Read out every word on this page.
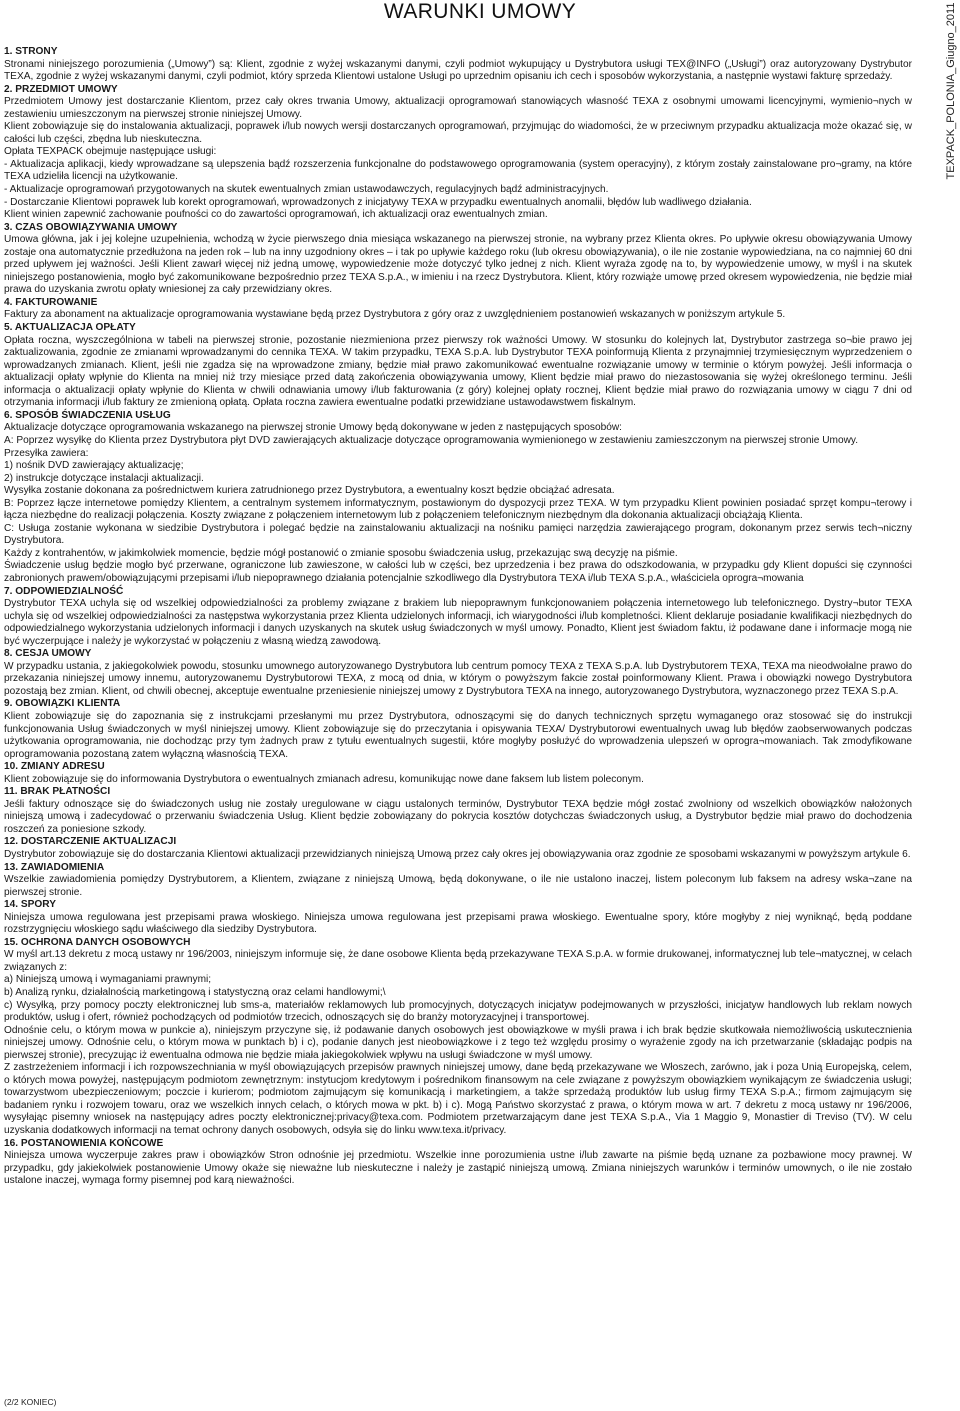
WARUNKI UMOWY	TEXPACK_POLONIA_Giugno_2011

1. STRONY

Stronami niniejszego porozumienia („Umowy”) są: Klient, zgodnie z wyżej wskazanymi danymi, czyli podmiot wykupujący u Dystrybutora usługi TEX@INFO („Usługi”) oraz autoryzowany Dystrybutor TEXA, zgodnie z wyżej wskazanymi danymi, czyli podmiot, który sprzeda Klientowi ustalone Usługi po uprzednim opisaniu ich cech i sposobów wykorzystania, a następnie wystawi fakturę sprzedaży.

2. PRZEDMIOT UMOWY

Przedmiotem Umowy jest dostarczanie Klientom, przez cały okres trwania Umowy, aktualizacji oprogramowań stanowiących własność TEXA z osobnymi umowami licencyjnymi, wymienio¬nych w zestawieniu umieszczonym na pierwszej stronie niniejszej Umowy.

Klient zobowiązuje się do instalowania aktualizacji, poprawek i/lub nowych wersji dostarczanych oprogramowań, przyjmując do wiadomości, że w przeciwnym przypadku aktualizacja może okazać się, w całości lub części, zbędna lub nieskuteczna.

Opłata TEXPACK obejmuje następujące usługi:

- Aktualizacja aplikacji, kiedy wprowadzane są ulepszenia bądź rozszerzenia funkcjonalne do podstawowego oprogramowania (system operacyjny), z którym zostały zainstalowane pro¬gramy, na które TEXA udzieliła licencji na użytkowanie.

- Aktualizacje oprogramowań przygotowanych na skutek ewentualnych zmian ustawodawczych, regulacyjnych bądź administracyjnych.

- Dostarczanie Klientowi poprawek lub korekt oprogramowań, wprowadzonych z inicjatywy TEXA w przypadku ewentualnych anomalii, błędów lub wadliwego działania.

Klient winien zapewnić zachowanie poufności co do zawartości oprogramowań, ich aktualizacji oraz ewentualnych zmian.

3. CZAS OBOWIĄZYWANIA UMOWY

Umowa główna, jak i jej kolejne uzupełnienia, wchodzą w życie pierwszego dnia miesiąca wskazanego na pierwszej stronie, na wybrany przez Klienta okres. Po upływie okresu obowiązywania Umowy zostaje ona automatycznie przedłużona na jeden rok – lub na inny uzgodniony okres – i tak po upływie każdego roku (lub okresu obowiązywania), o ile nie zostanie wypowiedziana, na co najmniej 60 dni przed upływem jej ważności. Jeśli Klient zawarł więcej niż jedną umowę, wypowiedzenie może dotyczyć tylko jednej z nich. Klient wyraża zgodę na to, by wypowiedzenie umowy, w myśl i na skutek niniejszego postanowienia, mogło być zakomunikowane bezpośrednio przez TEXA S.p.A., w imieniu i na rzecz Dystrybutora. Klient, który rozwiąże umowę przed okresem wypowiedzenia, nie będzie miał prawa do uzyskania zwrotu opłaty wniesionej za cały przewidziany okres.

4. FAKTUROWANIE

Faktury za abonament na aktualizacje oprogramowania wystawiane będą przez Dystrybutora z góry oraz z uwzględnieniem postanowień wskazanych w poniższym artykule 5.

5. AKTUALIZACJA OPŁATY

Opłata roczna, wyszczególniona w tabeli na pierwszej stronie, pozostanie niezmieniona przez pierwszy rok ważności Umowy. W stosunku do kolejnych lat, Dystrybutor zastrzega so¬bie prawo jej zaktualizowania, zgodnie ze zmianami wprowadzanymi do cennika TEXA. W takim przypadku, TEXA S.p.A. lub Dystrybutor TEXA poinformują Klienta z przynajmniej trzymiesięcznym wyprzedzeniem o wprowadzanych zmianach. Klient, jeśli nie zgadza się na wprowadzone zmiany, będzie miał prawo zakomunikować ewentualne rozwiązanie umowy w terminie o którym powyżej. Jeśli informacja o aktualizacji opłaty wpłynie do Klienta na mniej niż trzy miesiące przed datą zakończenia obowiązywania umowy, Klient będzie miał prawo do niezastosowania się wyżej określonego terminu. Jeśli informacja o aktualizacji opłaty wpłynie do Klienta w chwili odnawiania umowy i/lub fakturowania (z góry) kolejnej opłaty rocznej, Klient będzie miał prawo do rozwiązania umowy w ciągu 7 dni od otrzymania informacji i/lub faktury ze zmienioną opłatą. Opłata roczna zawiera ewentualne podatki przewidziane ustawodawstwem fiskalnym.

6. SPOSÓB ŚWIADCZENIA USŁUG

Aktualizacje dotyczące oprogramowania wskazanego na pierwszej stronie Umowy będą dokonywane w jeden z następujących sposobów:

A: Poprzez wysyłkę do Klienta przez Dystrybutora płyt DVD zawierających aktualizacje dotyczące oprogramowania wymienionego w zestawieniu zamieszczonym na pierwszej stronie Umowy.

Przesyłka zawiera:

1) nośnik DVD zawierający aktualizację;

2) instrukcje dotyczące instalacji aktualizacji.

Wysyłka zostanie dokonana za pośrednictwem kuriera zatrudnionego przez Dystrybutora, a ewentualny koszt będzie obciążać adresata.

B: Poprzez łącze internetowe pomiędzy Klientem, a centralnym systemem informatycznym, postawionym do dyspozycji przez TEXA. W tym przypadku Klient powinien posiadać sprzęt kompu¬terowy i łącza niezbędne do realizacji połączenia. Koszty związane z połączeniem internetowym lub z połączeniem telefonicznym niezbędnym dla dokonania aktualizacji obciążają Klienta.

C: Usługa zostanie wykonana w siedzibie Dystrybutora i polegać będzie na zainstalowaniu aktualizacji na nośniku pamięci narzędzia zawierającego program, dokonanym przez serwis tech¬niczny Dystrybutora.

Każdy z kontrahentów, w jakimkolwiek momencie, będzie mógł postanowić o zmianie sposobu świadczenia usług, przekazując swą decyzję na piśmie.

Świadczenie usług będzie mogło być przerwane, ograniczone lub zawieszone, w całości lub w części, bez uprzedzenia i bez prawa do odszkodowania, w przypadku gdy Klient dopuści się czynności zabronionych prawem/obowiązującymi przepisami i/lub niepoprawnego działania potencjalnie szkodliwego dla Dystrybutora TEXA i/lub TEXA S.p.A., właściciela oprogra¬mowania

7. ODPOWIEDZIALNOŚĆ

Dystrybutor TEXA uchyla się od wszelkiej odpowiedzialności za problemy związane z brakiem lub niepoprawnym funkcjonowaniem połączenia internetowego lub telefonicznego. Dystry¬butor TEXA uchyla się od wszelkiej odpowiedzialności za następstwa wykorzystania przez Klienta udzielonych informacji, ich wiarygodności i/lub kompletności. Klient deklaruje posiadanie kwalifikacji niezbędnych do odpowiedzialnego wykorzystania udzielonych informacji i danych uzyskanych na skutek usług świadczonych w myśl umowy. Ponadto, Klient jest świadom faktu, iż podawane dane i informacje mogą nie być wyczerpujące i należy je wykorzystać w połączeniu z własną wiedzą zawodową.

8. CESJA UMOWY

W przypadku ustania, z jakiegokolwiek powodu, stosunku umownego autoryzowanego Dystrybutora lub centrum pomocy TEXA z TEXA S.p.A. lub Dystrybutorem TEXA, TEXA ma nieodwołalne prawo do przekazania niniejszej umowy innemu, autoryzowanemu Dystrybutorowi TEXA, z mocą od dnia, w którym o powyższym fakcie został poinformowany Klient. Prawa i obowiązki nowego Dystrybutora pozostają bez zmian. Klient, od chwili obecnej, akceptuje ewentualne przeniesienie niniejszej umowy z Dystrybutora TEXA na innego, autoryzowanego Dystrybutora, wyznaczonego przez TEXA S.p.A.

9. OBOWIĄZKI KLIENTA

Klient zobowiązuje się do zapoznania się z instrukcjami przesłanymi mu przez Dystrybutora, odnoszącymi się do danych technicznych sprzętu wymaganego oraz stosować się do instrukcji funkcjonowania Usług świadczonych w myśl niniejszej umowy. Klient zobowiązuje się do przeczytania i opisywania TEXA/ Dystrybutorowi ewentualnych uwag lub błędów zaobserwowanych podczas użytkowania oprogramowania, nie dochodząc przy tym żadnych praw z tytułu ewentualnych sugestii, które mogłyby posłużyć do wprowadzenia ulepszeń w oprogra¬mowaniach. Tak zmodyfikowane oprogramowania pozostaną zatem wyłączną własnością TEXA.

10. ZMIANY ADRESU

Klient zobowiązuje się do informowania Dystrybutora o ewentualnych zmianach adresu, komunikując nowe dane faksem lub listem poleconym.

11. BRAK PŁATNOŚCI

Jeśli faktury odnoszące się do świadczonych usług nie zostały uregulowane w ciągu ustalonych terminów, Dystrybutor TEXA będzie mógł zostać zwolniony od wszelkich obowiązków nałożonych niniejszą umową i zadecydować o przerwaniu świadczenia Usług. Klient będzie zobowiązany do pokrycia kosztów dotychczas świadczonych usług, a Dystrybutor będzie miał prawo do dochodzenia roszczeń za poniesione szkody.

12. DOSTARCZENIE AKTUALIZACJI

Dystrybutor zobowiązuje się do dostarczania Klientowi aktualizacji przewidzianych niniejszą Umową przez cały okres jej obowiązywania oraz zgodnie ze sposobami wskazanymi w powyższym artykule 6.

13. ZAWIADOMIENIA

Wszelkie zawiadomienia pomiędzy Dystrybutorem, a Klientem, związane z niniejszą Umową, będą dokonywane, o ile nie ustalono inaczej, listem poleconym lub faksem na adresy wska¬zane na pierwszej stronie.

14. SPORY

Niniejsza umowa regulowana jest przepisami prawa włoskiego. Niniejsza umowa regulowana jest przepisami prawa włoskiego. Ewentualne spory, które mogłyby z niej wyniknąć, będą poddane rozstrzygnięciu włoskiego sądu właściwego dla siedziby Dystrybutora.

15. OCHRONA DANYCH OSOBOWYCH

W myśl art.13 dekretu z mocą ustawy nr 196/2003, niniejszym informuje się, że dane osobowe Klienta będą przekazywane TEXA S.p.A. w formie drukowanej, informatycznej lub tele¬matycznej, w celach związanych z:

a) Niniejszą umową i wymaganiami prawnymi;

b) Analizą rynku, działalnością marketingową i statystyczną oraz celami handlowymi;\

c) Wysyłką, przy pomocy poczty elektronicznej lub sms-a, materiałów reklamowych lub promocyjnych, dotyczących inicjatyw podejmowanych w przyszłości, inicjatyw handlowych lub reklam nowych produktów, usług i ofert, również pochodzących od podmiotów trzecich, odnoszących się do branży motoryzacyjnej i transportowej.

Odnośnie celu, o którym mowa w punkcie a), niniejszym przyczyne się, iż podawanie danych osobowych jest obowiązkowe w myśli prawa i ich brak będzie skutkowała niemożliwością uskutecznienia niniejszej umowy. Odnośnie celu, o którym mowa w punktach b) i c), podanie danych jest nieobowiązkowe i z tego też względu prosimy o wyrażenie zgody na ich przetwarzanie (składając podpis na pierwszej stronie), precyzując iż ewentualna odmowa nie będzie miała jakiegokolwiek wpływu na usługi świadczone w myśl umowy.

Z zastrzeżeniem informacji i ich rozpowszechniania w myśl obowiązujących przepisów prawnych niniejszej umowy, dane będą przekazywane we Włoszech, zarówno, jak i poza Unią Europejską, celem, o których mowa powyżej, następującym podmiotom zewnętrznym: instytucjom kredytowym i pośrednikom finansowym na cele związane z powyższym obowiązkiem wynikającym ze świadczenia usługi; towarzystwom ubezpieczeniowym; poczcie i kurierom; podmiotom zajmującym się komunikacją i marketingiem, a także sprzedażą produktów lub usług firmy TEXA S.p.A.; firmom zajmującym się badaniem rynku i rozwojem towaru, oraz we wszelkich innych celach, o których mowa w pkt. b) i c). Mogą Państwo skorzystać z prawa, o którym mowa w art. 7 dekretu z mocą ustawy nr 196/2006, wysyłając pisemny wniosek na następujący adres poczty elektronicznej:privacy@texa.com. Podmiotem przetwarzającym dane jest TEXA S.p.A., Via 1 Maggio 9, Monastier di Treviso (TV). W celu uzyskania dodatkowych informacji na temat ochrony danych osobowych, odsyła się do linku www.texa.it/privacy.

16. POSTANOWIENIA KOŃCOWE

Niniejsza umowa wyczerpuje zakres praw i obowiązków Stron odnośnie jej przedmiotu. Wszelkie inne porozumienia ustne i/lub zawarte na piśmie będą uznane za pozbawione mocy prawnej. W przypadku, gdy jakiekolwiek postanowienie Umowy okaże się nieważne lub nieskuteczne i należy je zastąpić niniejszą umową. Zmiana niniejszych warunków i terminów umownych, o ile nie zostało ustalone inaczej, wymaga formy pisemnej pod karą nieważności.

(2/2 KONIEC)
